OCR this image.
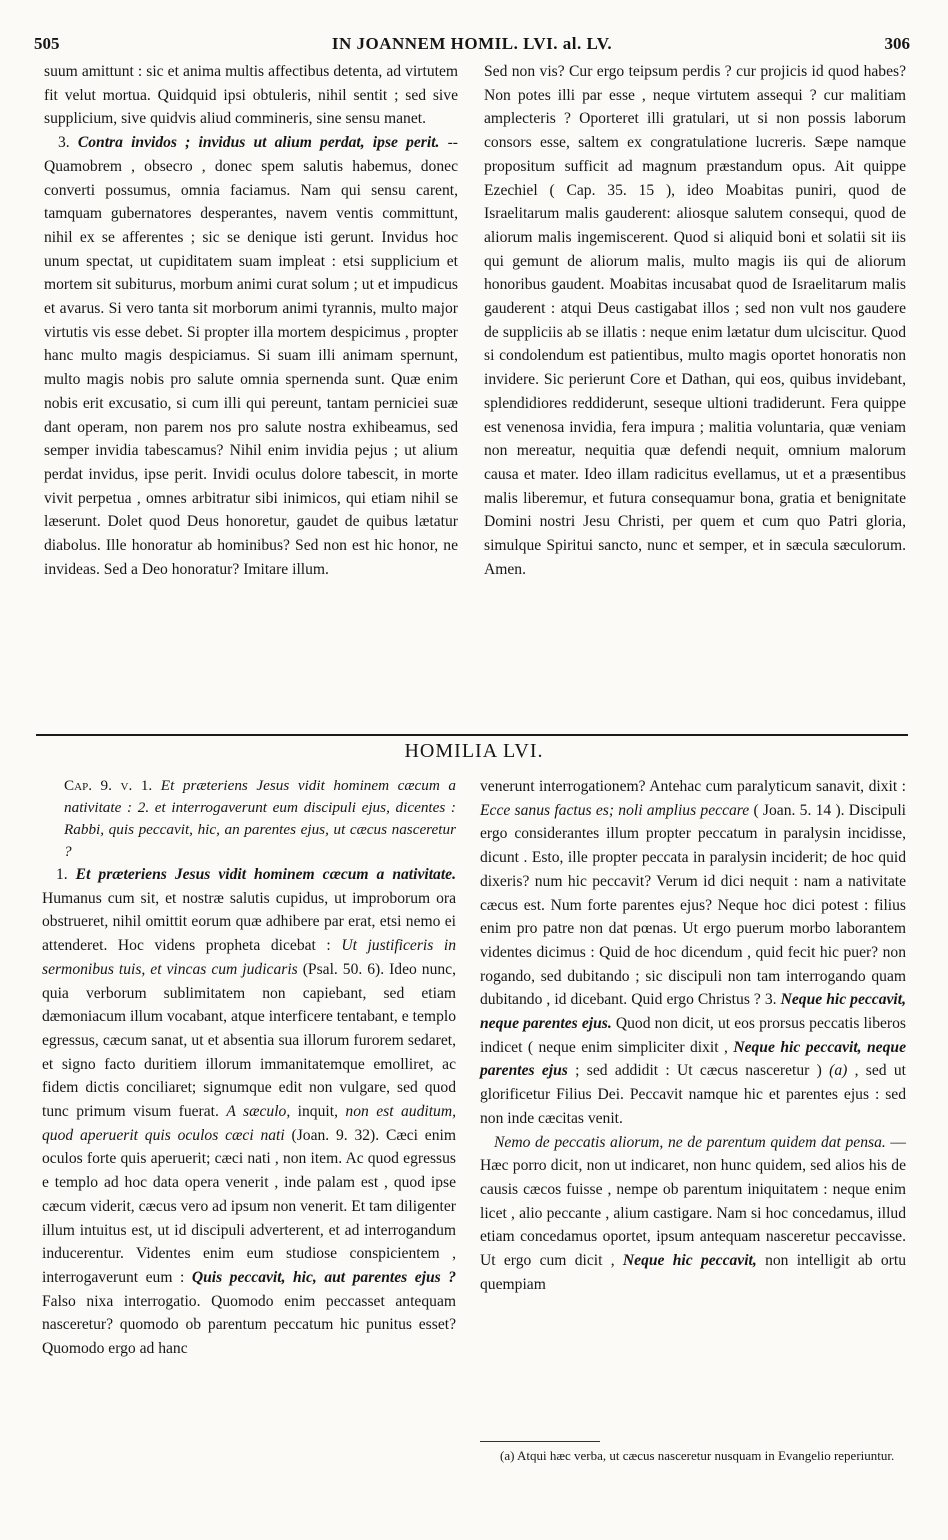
505	IN JOANNEM HOMIL. LVI. al. LV.	306

suum amittunt : sic et anima multis affectibus detenta, ad virtutem fit velut mortua. Quidquid ipsi obtuleris, nihil sentit ; sed sive supplicium, sive quidvis aliud commineris, sine sensu manet.

3. Contra invidos ; invidus ut alium perdat, ipse perit. -- Quamobrem , obsecro , donec spem salutis habemus, donec converti possumus, omnia faciamus. Nam qui sensu carent, tamquam gubernatores desperantes, navem ventis committunt, nihil ex se afferentes ; sic se denique isti gerunt. Invidus hoc unum spectat, ut cupiditatem suam impleat : etsi supplicium et mortem sit subiturus, morbum animi curat solum ; ut et impudicus et avarus. Si vero tanta sit morborum animi tyrannis, multo major virtutis vis esse debet. Si propter illa mortem despicimus , propter hanc multo magis despiciamus. Si suam illi animam spernunt, multo magis nobis pro salute omnia spernenda sunt. Quæ enim nobis erit excusatio, si cum illi qui pereunt, tantam perniciei suæ dant operam, non parem nos pro salute nostra exhibeamus, sed semper invidia tabescamus? Nihil enim invidia pejus ; ut alium perdat invidus, ipse perit. Invidi oculus dolore tabescit, in morte vivit perpetua , omnes arbitratur sibi inimicos, qui etiam nihil se læserunt. Dolet quod Deus honoretur, gaudet de quibus lætatur diabolus. Ille honoratur ab hominibus? Sed non est hic honor, ne invideas. Sed a Deo honoratur? Imitare illum.

Sed non vis? Cur ergo teipsum perdis ? cur projicis id quod habes? Non potes illi par esse , neque virtutem assequi ? cur malitiam amplecteris ? Oporteret illi gratulari, ut si non possis laborum consors esse, saltem ex congratulatione lucreris. Sæpe namque propositum sufficit ad magnum præstandum opus. Ait quippe Ezechiel ( Cap. 35. 15 ), ideo Moabitas puniri, quod de Israelitarum malis gauderent: aliosque salutem consequi, quod de aliorum malis ingemiscerent. Quod si aliquid boni et solatii sit iis qui gemunt de aliorum malis, multo magis iis qui de aliorum honoribus gaudent. Moabitas incusabat quod de Israelitarum malis gauderent : atqui Deus castigabat illos ; sed non vult nos gaudere de suppliciis ab se illatis : neque enim lætatur dum ulciscitur. Quod si condolendum est patientibus, multo magis oportet honoratis non invidere. Sic perierunt Core et Dathan, qui eos, quibus invidebant, splendidiores reddiderunt, seseque ultioni tradiderunt. Fera quippe est venenosa invidia, fera impura ; malitia voluntaria, quæ veniam non mereatur, nequitia quæ defendi nequit, omnium malorum causa et mater. Ideo illam radicitus evellamus, ut et a præsentibus malis liberemur, et futura consequamur bona, gratia et benignitate Domini nostri Jesu Christi, per quem et cum quo Patri gloria, simulque Spiritui sancto, nunc et semper, et in sæcula sæculorum. Amen.

HOMILIA LVI.

Cap. 9. v. 1. Et præteriens Jesus vidit hominem cæcum a nativitate : 2. et interrogaverunt eum discipuli ejus, dicentes : Rabbi, quis peccavit, hic, an parentes ejus, ut cæcus nasceretur ?

1. Et præteriens Jesus vidit hominem cæcum a nativitate. Humanus cum sit, et nostræ salutis cupidus, ut improborum ora obstrueret, nihil omittit eorum quæ adhibere par erat, etsi nemo ei attenderet. Hoc videns propheta dicebat : Ut justificeris in sermonibus tuis, et vincas cum judicaris (Psal. 50. 6). Ideo nunc, quia verborum sublimitatem non capiebant, sed etiam dæmoniacum illum vocabant, atque interficere tentabant, e templo egressus, cæcum sanat, ut et absentia sua illorum furorem sedaret, et signo facto duritiem illorum immanitatemque emolliret, ac fidem dictis conciliaret; signumque edit non vulgare, sed quod tunc primum visum fuerat. A sæculo, inquit, non est auditum, quod aperuerit quis oculos cæci nati (Joan. 9. 32). Cæci enim oculos forte quis aperuerit; cæci nati , non item. Ac quod egressus e templo ad hoc data opera venerit , inde palam est , quod ipse cæcum viderit, cæcus vero ad ipsum non venerit. Et tam diligenter illum intuitus est, ut id discipuli adverterent, et ad interrogandum inducerentur. Videntes enim eum studiose conspicientem , interrogaverunt eum : Quis peccavit, hic, aut parentes ejus ? Falso nixa interrogatio. Quomodo enim peccasset antequam nasceretur? quomodo ob parentum peccatum hic punitus esset? Quomodo ergo ad hanc

venerunt interrogationem? Antehac cum paralyticum sanavit, dixit : Ecce sanus factus es; noli amplius peccare ( Joan. 5. 14 ). Discipuli ergo considerantes illum propter peccatum in paralysin incidisse, dicunt . Esto, ille propter peccata in paralysin inciderit; de hoc quid dixeris? num hic peccavit? Verum id dici nequit : nam a nativitate cæcus est. Num forte parentes ejus? Neque hoc dici potest : filius enim pro patre non dat pœnas. Ut ergo puerum morbo laborantem videntes dicimus : Quid de hoc dicendum , quid fecit hic puer? non rogando, sed dubitando ; sic discipuli non tam interrogando quam dubitando , id dicebant. Quid ergo Christus ? 3. Neque hic peccavit, neque parentes ejus. Quod non dicit, ut eos prorsus peccatis liberos indicet ( neque enim simpliciter dixit , Neque hic peccavit, neque parentes ejus ; sed addidit : Ut cæcus nasceretur ) (a) , sed ut glorificetur Filius Dei. Peccavit namque hic et parentes ejus : sed non inde cæcitas venit.

Nemo de peccatis aliorum, ne de parentum quidem dat pensa. — Hæc porro dicit, non ut indicaret, non hunc quidem, sed alios his de causis cæcos fuisse , nempe ob parentum iniquitatem : neque enim licet , alio peccante , alium castigare. Nam si hoc concedamus, illud etiam concedamus oportet, ipsum antequam nasceretur peccavisse. Ut ergo cum dicit , Neque hic peccavit, non intelligit ab ortu quempiam

(a) Atqui hæc verba, ut cæcus nasceretur nusquam in Evangelio reperiuntur.
